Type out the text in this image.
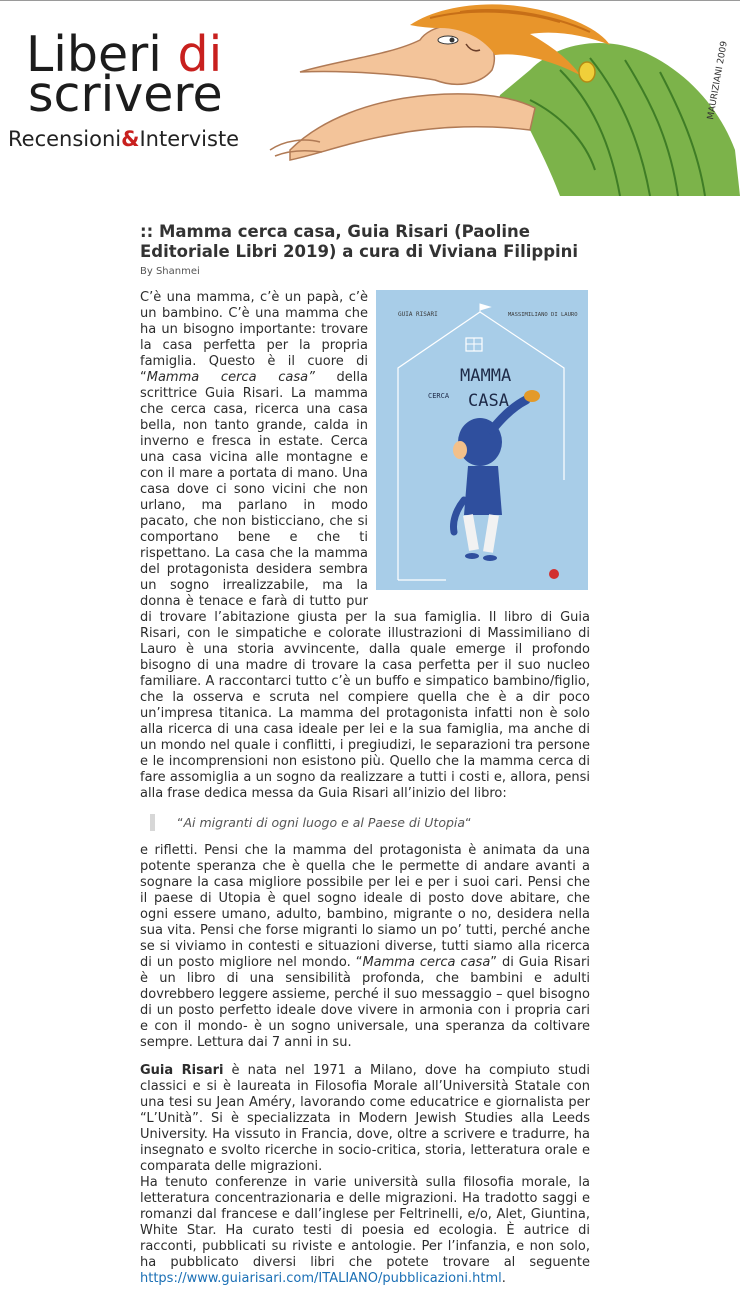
Liberi di
scrivere
Recensioni&Interviste
MAURIZIANI 2009
:: Mamma cerca casa, Guia Risari (Paoline Editoriale Libri 2019) a cura di Viviana Filippini
By Shanmei
GUIA RISARI	MASSIMILIANO DI LAURO
MAMMA
CERCA CASA

C’è una mamma, c’è un papà, c’è un bambino. C’è una mamma che ha un bisogno importante: trovare la casa perfetta per la propria famiglia. Questo è il cuore di “Mamma cerca casa” della scrittrice Guia Risari. La mamma che cerca casa, ricerca una casa bella, non tanto grande, calda in inverno e fresca in estate. Cerca una casa vicina alle montagne e con il mare a portata di mano. Una casa dove ci sono vicini che non urlano, ma parlano in modo pacato, che non bisticciano, che si comportano bene e che ti rispettano. La casa che la mamma del protagonista desidera sembra un sogno irrealizzabile, ma la donna è tenace e farà di tutto pur di trovare l’abitazione giusta per la sua famiglia. Il libro di Guia Risari, con le simpatiche e colorate illustrazioni di Massimiliano di Lauro è una storia avvincente, dalla quale emerge il profondo bisogno di una madre di trovare la casa perfetta per il suo nucleo familiare. A raccontarci tutto c’è un buffo e simpatico bambino/figlio, che la osserva e scruta nel compiere quella che è a dir poco un’impresa titanica. La mamma del protagonista infatti non è solo alla ricerca di una casa ideale per lei e la sua famiglia, ma anche di un mondo nel quale i conflitti, i pregiudizi, le separazioni tra persone e le incomprensioni non esistono più. Quello che la mamma cerca di fare assomiglia a un sogno da realizzare a tutti i costi e, allora, pensi alla frase dedica messa da Guia Risari all’inizio del libro:

“Ai migranti di ogni luogo e al Paese di Utopia“

e rifletti. Pensi che la mamma del protagonista è animata da una potente speranza che è quella che le permette di andare avanti a sognare la casa migliore possibile per lei e per i suoi cari. Pensi che il paese di Utopia è quel sogno ideale di posto dove abitare, che ogni essere umano, adulto, bambino, migrante o no, desidera nella sua vita. Pensi che forse migranti lo siamo un po’ tutti, perché anche se si viviamo in contesti e situazioni diverse, tutti siamo alla ricerca di un posto migliore nel mondo. “Mamma cerca casa” di Guia Risari è un libro di una sensibilità profonda, che bambini e adulti dovrebbero leggere assieme, perché il suo messaggio – quel bisogno di un posto perfetto ideale dove vivere in armonia con i propria cari e con il mondo- è un sogno universale, una speranza da coltivare sempre. Lettura dai 7 anni in su.

Guia Risari è nata nel 1971 a Milano, dove ha compiuto studi classici e si è laureata in Filosofia Morale all’Università Statale con una tesi su Jean Améry, lavorando come educatrice e giornalista per “L’Unità”. Si è specializzata in Modern Jewish Studies alla Leeds University. Ha vissuto in Francia, dove, oltre a scrivere e tradurre, ha insegnato e svolto ricerche in socio-critica, storia, letteratura orale e comparata delle migrazioni.
Ha tenuto conferenze in varie università sulla filosofia morale, la letteratura concentrazionaria e delle migrazioni. Ha tradotto saggi e romanzi dal francese e dall’inglese per Feltrinelli, e/o, Alet, Giuntina, White Star. Ha curato testi di poesia ed ecologia. È autrice di racconti, pubblicati su riviste e antologie. Per l’infanzia, e non solo, ha pubblicato diversi libri che potete trovare al seguente https://www.guiarisari.com/ITALIANO/pubblicazioni.html.
